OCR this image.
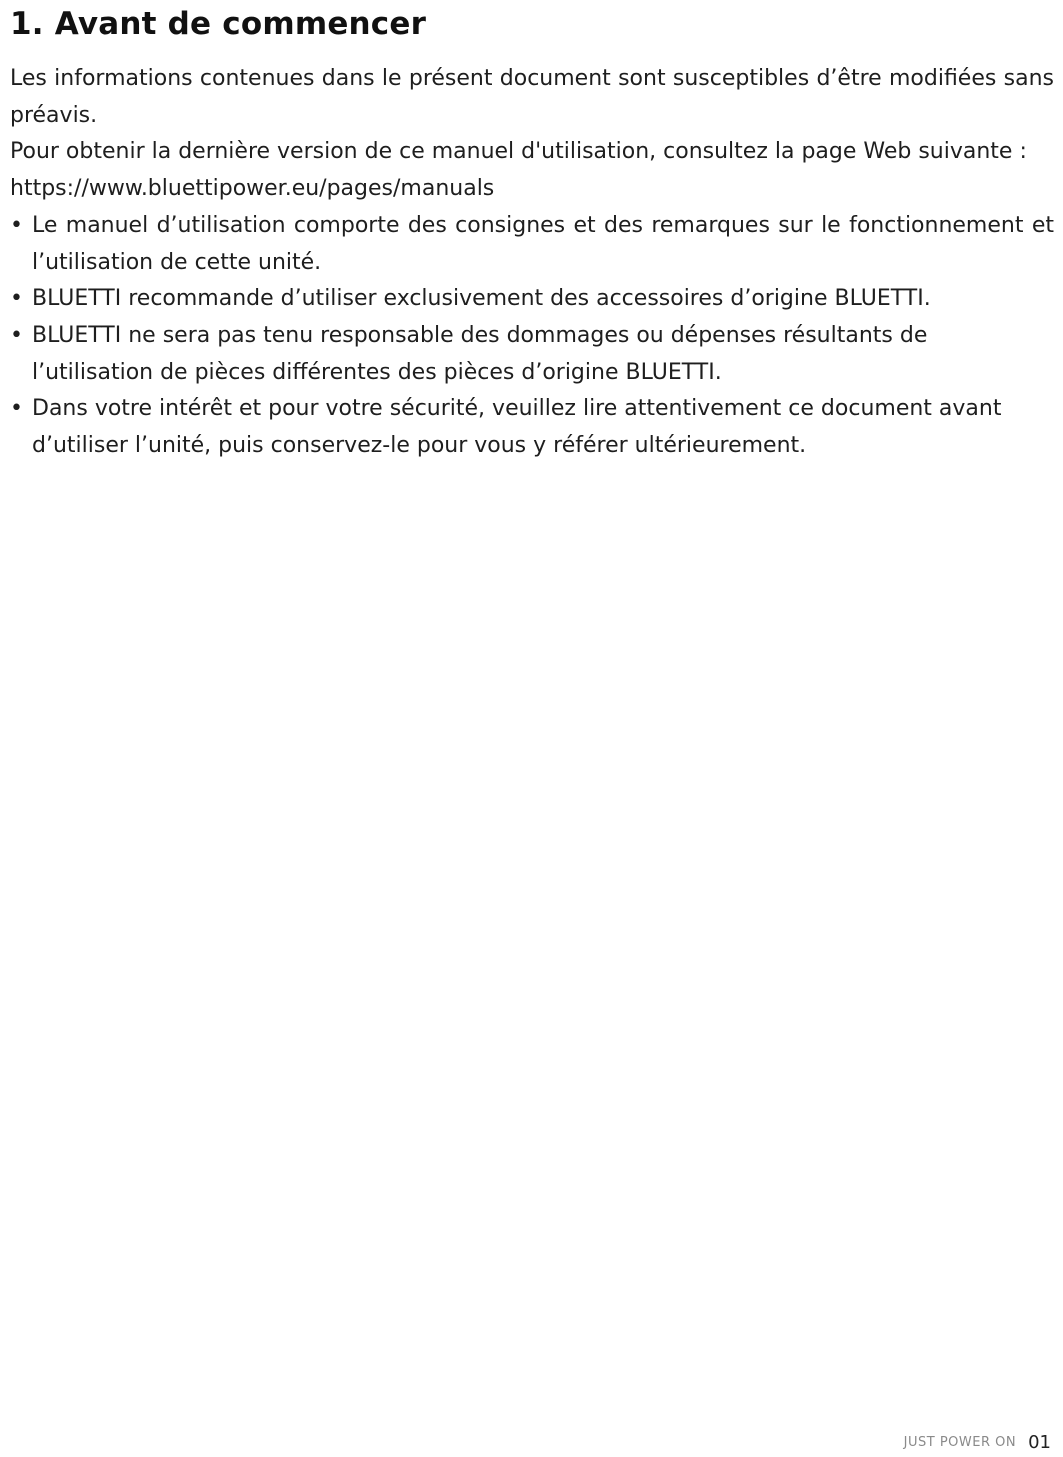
1. Avant de commencer

Les informations contenues dans le présent document sont susceptibles d’être modifiées sans préavis.

Pour obtenir la dernière version de ce manuel d'utilisation, consultez la page Web suivante : https://www.bluettipower.eu/pages/manuals

• Le manuel d’utilisation comporte des consignes et des remarques sur le fonctionnement et l’utilisation de cette unité.
• BLUETTI recommande d’utiliser exclusivement des accessoires d’origine BLUETTI.
• BLUETTI ne sera pas tenu responsable des dommages ou dépenses résultants de l’utilisation de pièces différentes des pièces d’origine BLUETTI.
• Dans votre intérêt et pour votre sécurité, veuillez lire attentivement ce document avant d’utiliser l’unité, puis conservez-le pour vous y référer ultérieurement.
JUST POWER ON 01
